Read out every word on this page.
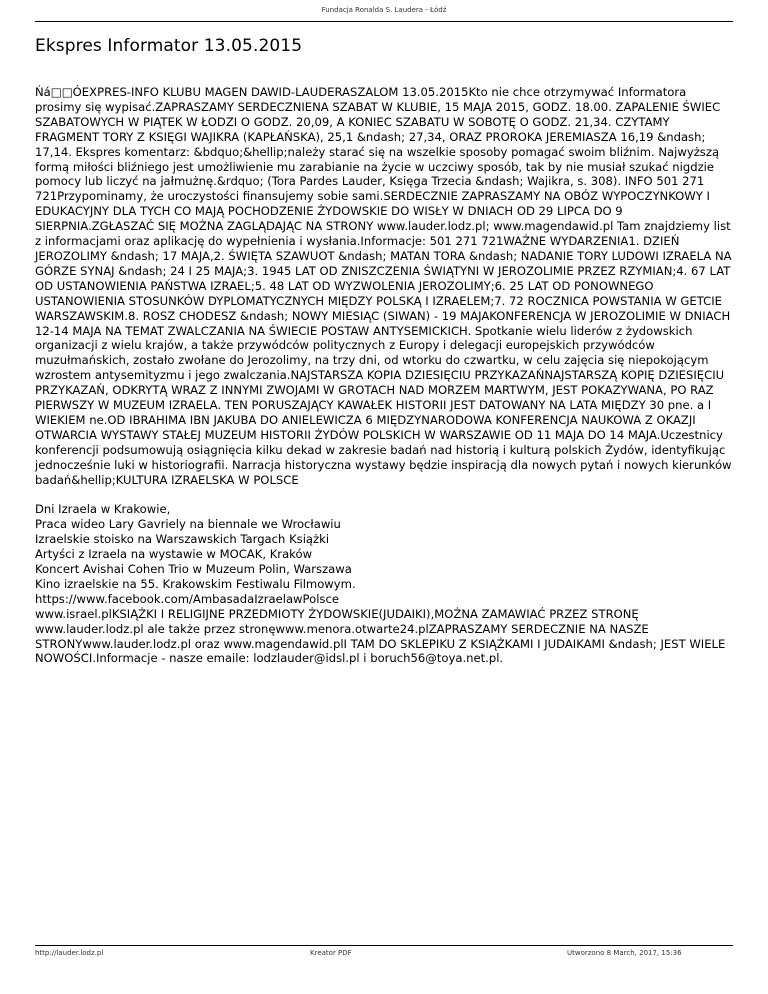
Fundacja Ronalda S. Laudera - Łódź
Ekspres Informator 13.05.2015

Ńá□□ÓEXPRES-INFO KLUBU MAGEN DAWID-LAUDERASZALOM 13.05.2015Kto nie chce otrzymywać Informatora prosimy się wypisać.ZAPRASZAMY SERDECZNIENA SZABAT W KLUBIE, 15 MAJA 2015, GODZ. 18.00. ZAPALENIE ŚWIEC SZABATOWYCH W PIĄTEK W ŁODZI O GODZ. 20,09, A KONIEC SZABATU W SOBOTĘ O GODZ. 21,34. CZYTAMY FRAGMENT TORY Z KSIĘGI WAJIKRA (KAPŁAŃSKA), 25,1 &ndash; 27,34, ORAZ PROROKA JEREMIASZA 16,19 &ndash; 17,14. Ekspres komentarz: &bdquo;&hellip;należy starać się na wszelkie sposoby pomagać swoim bliźnim. Najwyższą formą miłości bliźniego jest umożliwienie mu zarabianie na życie w uczciwy sposób, tak by nie musiał szukać nigdzie pomocy lub liczyć na jałmużnę.&rdquo; (Tora Pardes Lauder, Księga Trzecia &ndash; Wajikra, s. 308). INFO 501 271 721Przypominamy, że uroczystości finansujemy sobie sami.SERDECZNIE ZAPRASZAMY NA OBÓZ WYPOCZYNKOWY I EDUKACYJNY DLA TYCH CO MAJĄ POCHODZENIE ŻYDOWSKIE DO WISŁY W DNIACH OD 29 LIPCA DO 9 SIERPNIA.ZGŁASZAĆ SIĘ MOŻNA ZAGLĄDAJĄC NA STRONY www.lauder.lodz.pl; www.magendawid.pl Tam znajdziemy list z informacjami oraz aplikację do wypełnienia i wysłania.Informacje: 501 271 721WAŻNE WYDARZENIA1. DZIEŃ JEROZOLIMY &ndash; 17 MAJA,2. ŚWIĘTA SZAWUOT &ndash; MATAN TORA &ndash; NADANIE TORY LUDOWI IZRAELA NA GÓRZE SYNAJ &ndash; 24 I 25 MAJA;3. 1945 LAT OD ZNISZCZENIA ŚWIĄTYNI W JEROZOLIMIE PRZEZ RZYMIAN;4. 67 LAT OD USTANOWIENIA PAŃSTWA IZRAEL;5. 48 LAT OD WYZWOLENIA JEROZOLIMY;6. 25 LAT OD PONOWNEGO USTANOWIENIA STOSUNKÓW DYPLOMATYCZNYCH MIĘDZY POLSKĄ I IZRAELEM;7. 72 ROCZNICA POWSTANIA W GETCIE WARSZAWSKIM.8. ROSZ CHODESZ &ndash; NOWY MIESIĄC (SIWAN) - 19 MAJAKONFERENCJA W JEROZOLIMIE W DNIACH 12-14 MAJA NA TEMAT ZWALCZANIA NA ŚWIECIE POSTAW ANTYSEMICKICH. Spotkanie wielu liderów z żydowskich organizacji z wielu krajów, a także przywódców politycznych z Europy i delegacji europejskich przywódców muzułmańskich, zostało zwołane do Jerozolimy, na trzy dni, od wtorku do czwartku, w celu zajęcia się niepokojącym wzrostem antysemityzmu i jego zwalczania.NAJSTARSZA KOPIA DZIESIĘCIU PRZYKAZAŃNAJSTARSZĄ KOPIĘ DZIESIĘCIU PRZYKAZAŃ, ODKRYTĄ WRAZ Z INNYMI ZWOJAMI W GROTACH NAD MORZEM MARTWYM, JEST POKAZYWANA, PO RAZ PIERWSZY W MUZEUM IZRAELA. TEN PORUSZAJĄCY KAWAŁEK HISTORII JEST DATOWANY NA LATA MIĘDZY 30 pne. a I WIEKIEM ne.OD IBRAHIMA IBN JAKUBA DO ANIELEWICZA 6 MIĘDZYNARODOWA KONFERENCJA NAUKOWA Z OKAZJI OTWARCIA WYSTAWY STAŁEJ MUZEUM HISTORII ŻYDÓW POLSKICH W WARSZAWIE OD 11 MAJA DO 14 MAJA.Uczestnicy konferencji podsumowują osiągnięcia kilku dekad w zakresie badań nad historią i kulturą polskich Żydów, identyfikując jednocześnie luki w historiografii. Narracja historyczna wystawy będzie inspiracją dla nowych pytań i nowych kierunków badań&hellip;KULTURA IZRAELSKA W POLSCE

Dni Izraela w Krakowie,
Praca wideo Lary Gavriely na biennale we Wrocławiu
Izraelskie stoisko na Warszawskich Targach Książki
Artyści z Izraela na wystawie w MOCAK, Kraków
Koncert Avishai Cohen Trio w Muzeum Polin, Warszawa
Kino izraelskie na 55. Krakowskim Festiwalu Filmowym.
https://www.facebook.com/AmbasadaIzraelawPolsce
www.israel.plKSIĄŻKI I RELIGIJNE PRZEDMIOTY ŻYDOWSKIE(JUDAIKI),MOŻNA ZAMAWIAĆ PRZEZ STRONĘ www.lauder.lodz.pl ale także przez stronęwww.menora.otwarte24.plZAPRASZAMY SERDECZNIE NA NASZE STRONYwww.lauder.lodz.pl oraz www.magendawid.plI TAM DO SKLEPIKU Z KSIĄŻKAMI I JUDAIKAMI &ndash; JEST WIELE NOWOŚCI.Informacje - nasze emaile: lodzlauder@idsl.pl i boruch56@toya.net.pl.
http://lauder.lodz.pl	Kreator PDF	Utworzono 8 March, 2017, 15:36
